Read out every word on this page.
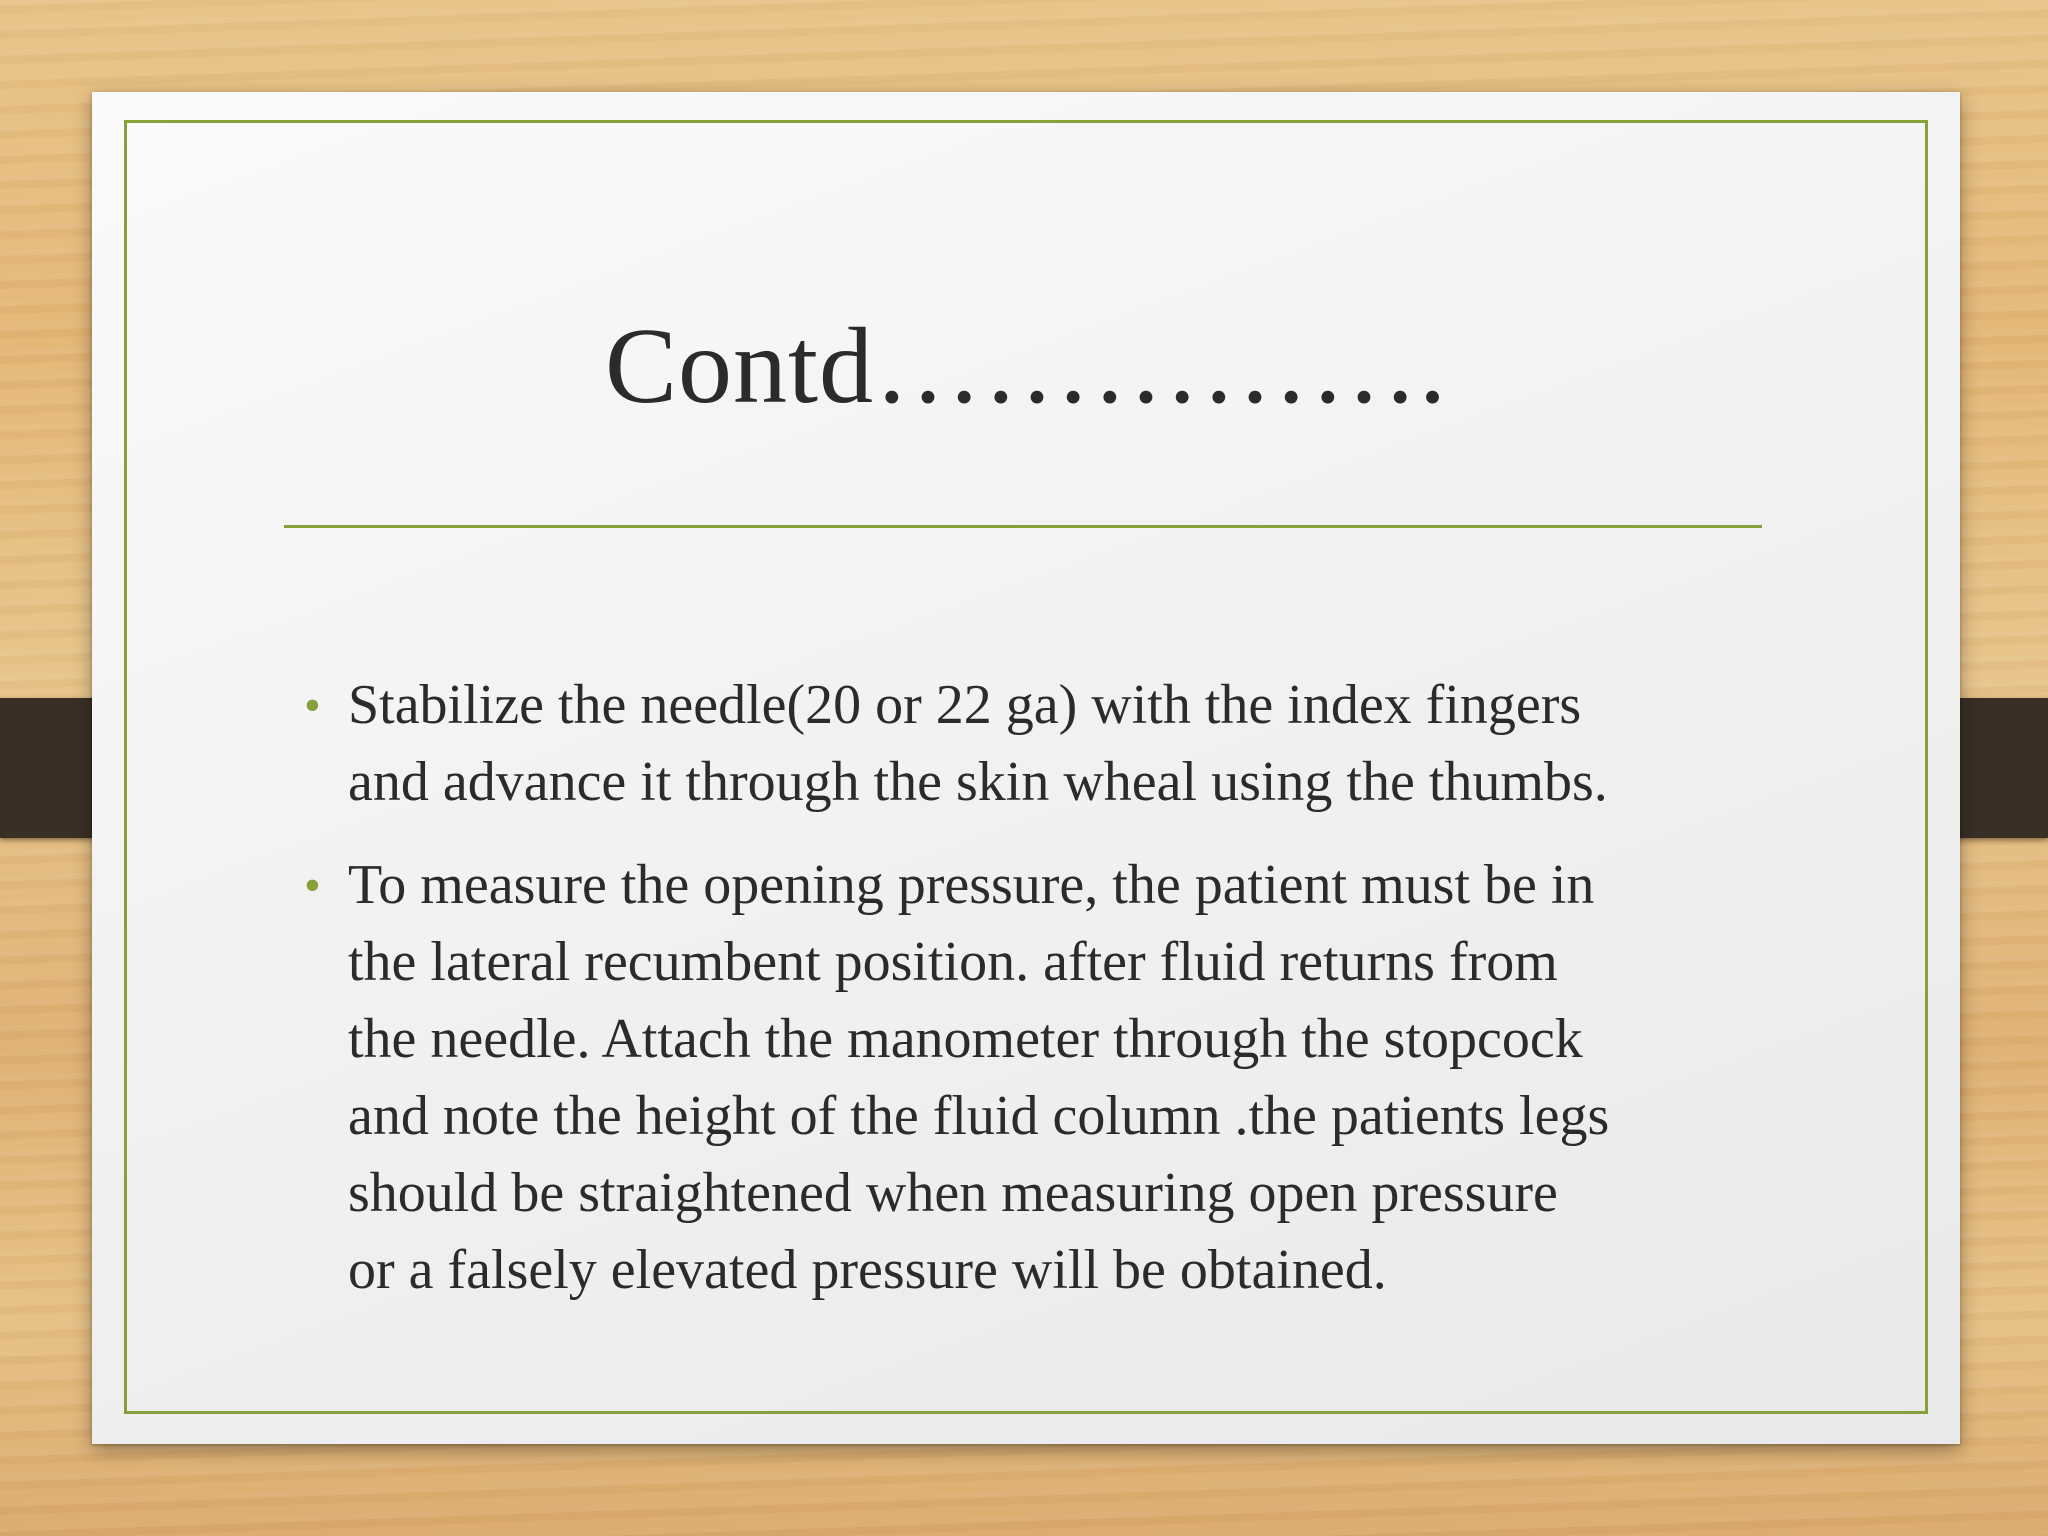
Contd…………….
• Stabilize the needle(20 or 22 ga) with the index fingers
and advance it through the skin wheal using the thumbs.
• To measure the opening pressure, the patient must be in
the lateral recumbent position. after fluid returns from
the needle. Attach the manometer through the stopcock
and note the height of the fluid column .the patients legs
should be straightened when measuring open pressure
or a falsely elevated pressure will be obtained.
